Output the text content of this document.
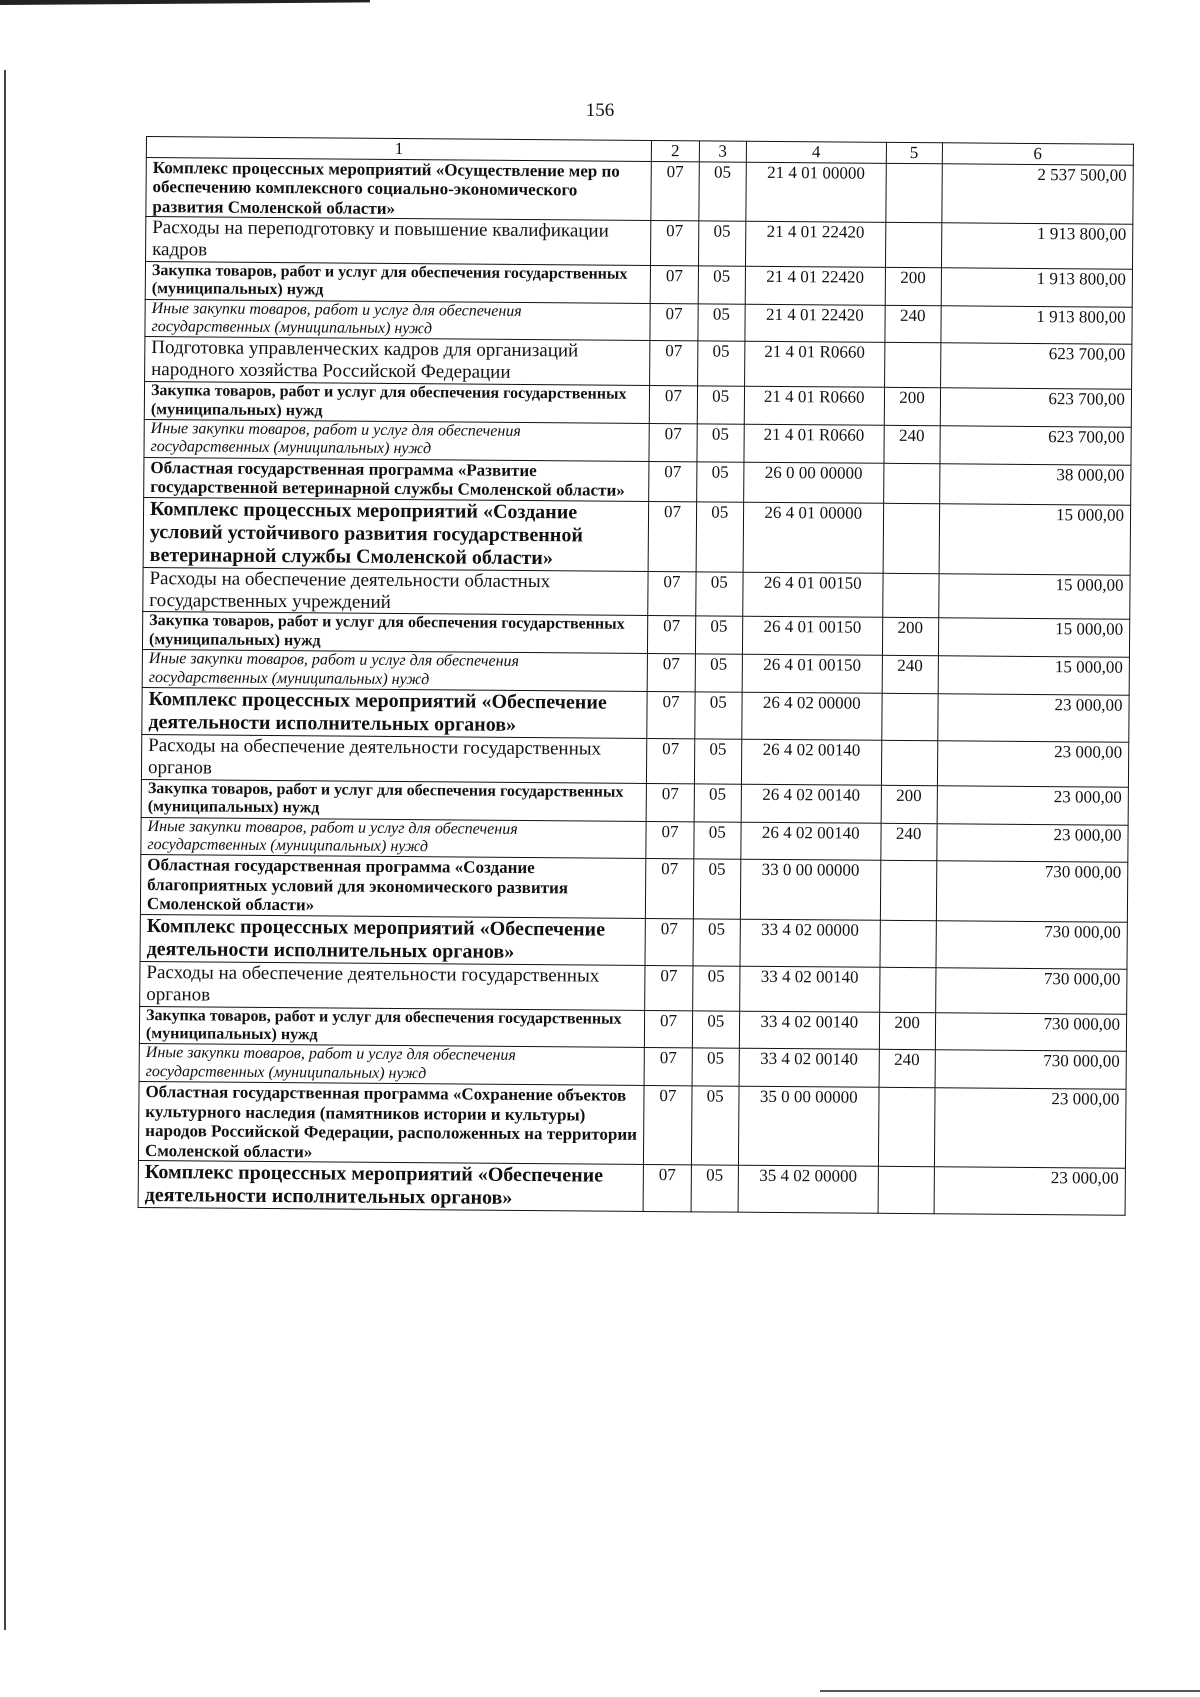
156
1	2	3	4	5	6
Комплекс процессных мероприятий «Осуществление мер по обеспечению комплексного социально-экономического развития Смоленской области»	07	05	21 4 01 00000		2 537 500,00
Расходы на переподготовку и повышение квалификации кадров	07	05	21 4 01 22420		1 913 800,00
Закупка товаров, работ и услуг для обеспечения государственных (муниципальных) нужд	07	05	21 4 01 22420	200	1 913 800,00
Иные закупки товаров, работ и услуг для обеспечения государственных (муниципальных) нужд	07	05	21 4 01 22420	240	1 913 800,00
Подготовка управленческих кадров для организаций народного хозяйства Российской Федерации	07	05	21 4 01 R0660		623 700,00
Закупка товаров, работ и услуг для обеспечения государственных (муниципальных) нужд	07	05	21 4 01 R0660	200	623 700,00
Иные закупки товаров, работ и услуг для обеспечения государственных (муниципальных) нужд	07	05	21 4 01 R0660	240	623 700,00
Областная государственная программа «Развитие государственной ветеринарной службы Смоленской области»	07	05	26 0 00 00000		38 000,00
Комплекс процессных мероприятий «Создание условий устойчивого развития государственной ветеринарной службы Смоленской области»	07	05	26 4 01 00000		15 000,00
Расходы на обеспечение деятельности областных государственных учреждений	07	05	26 4 01 00150		15 000,00
Закупка товаров, работ и услуг для обеспечения государственных (муниципальных) нужд	07	05	26 4 01 00150	200	15 000,00
Иные закупки товаров, работ и услуг для обеспечения государственных (муниципальных) нужд	07	05	26 4 01 00150	240	15 000,00
Комплекс процессных мероприятий «Обеспечение деятельности исполнительных органов»	07	05	26 4 02 00000		23 000,00
Расходы на обеспечение деятельности государственных органов	07	05	26 4 02 00140		23 000,00
Закупка товаров, работ и услуг для обеспечения государственных (муниципальных) нужд	07	05	26 4 02 00140	200	23 000,00
Иные закупки товаров, работ и услуг для обеспечения государственных (муниципальных) нужд	07	05	26 4 02 00140	240	23 000,00
Областная государственная программа «Создание благоприятных условий для экономического развития Смоленской области»	07	05	33 0 00 00000		730 000,00
Комплекс процессных мероприятий «Обеспечение деятельности исполнительных органов»	07	05	33 4 02 00000		730 000,00
Расходы на обеспечение деятельности государственных органов	07	05	33 4 02 00140		730 000,00
Закупка товаров, работ и услуг для обеспечения государственных (муниципальных) нужд	07	05	33 4 02 00140	200	730 000,00
Иные закупки товаров, работ и услуг для обеспечения государственных (муниципальных) нужд	07	05	33 4 02 00140	240	730 000,00
Областная государственная программа «Сохранение объектов культурного наследия (памятников истории и культуры) народов Российской Федерации, расположенных на территории Смоленской области»	07	05	35 0 00 00000		23 000,00
Комплекс процессных мероприятий «Обеспечение деятельности исполнительных органов»	07	05	35 4 02 00000		23 000,00
